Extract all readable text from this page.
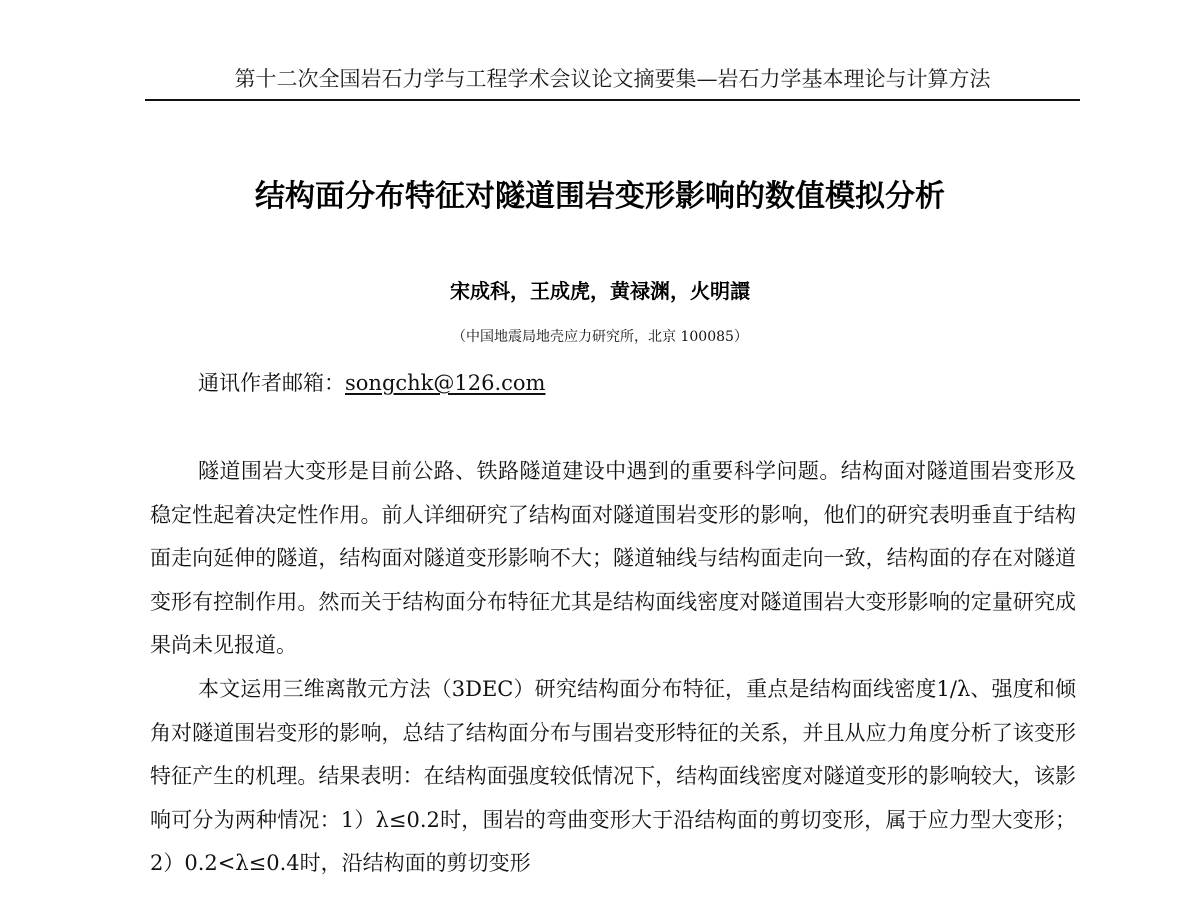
第十二次全国岩石力学与工程学术会议论文摘要集—岩石力学基本理论与计算方法
结构面分布特征对隧道围岩变形影响的数值模拟分析
宋成科，王成虎，黄禄渊，火明譞
（中国地震局地壳应力研究所，北京 100085）
通讯作者邮箱：songchk@126.com

隧道围岩大变形是目前公路、铁路隧道建设中遇到的重要科学问题。结构面对隧道围岩变形及稳定性起着决定性作用。前人详细研究了结构面对隧道围岩变形的影响，他们的研究表明垂直于结构面走向延伸的隧道，结构面对隧道变形影响不大；隧道轴线与结构面走向一致，结构面的存在对隧道变形有控制作用。然而关于结构面分布特征尤其是结构面线密度对隧道围岩大变形影响的定量研究成果尚未见报道。

本文运用三维离散元方法（3DEC）研究结构面分布特征，重点是结构面线密度1/λ、强度和倾角对隧道围岩变形的影响，总结了结构面分布与围岩变形特征的关系，并且从应力角度分析了该变形特征产生的机理。结果表明：在结构面强度较低情况下，结构面线密度对隧道变形的影响较大，该影响可分为两种情况：1）λ≤0.2时，围岩的弯曲变形大于沿结构面的剪切变形，属于应力型大变形；2）0.2<λ≤0.4时，沿结构面的剪切变形
